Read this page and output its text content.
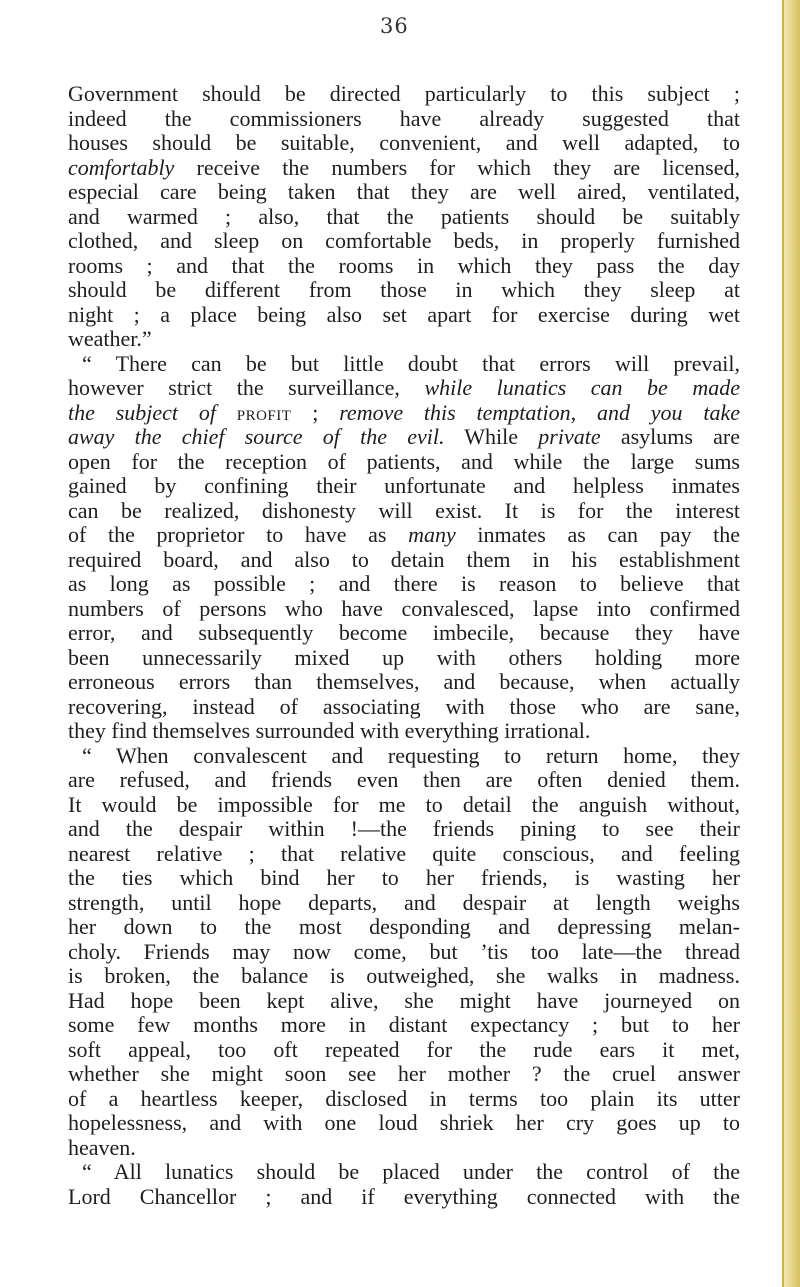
36
Government should be directed particularly to this subject ;
indeed the commissioners have already suggested that
houses should be suitable, convenient, and well adapted, to
comfortably receive the numbers for which they are licensed,
especial care being taken that they are well aired, ventilated,
and warmed ; also, that the patients should be suitably
clothed, and sleep on comfortable beds, in properly furnished
rooms ; and that the rooms in which they pass the day
should be different from those in which they sleep at
night ; a place being also set apart for exercise during wet
weather.”
“ There can be but little doubt that errors will prevail,
however strict the surveillance, while lunatics can be made
the subject of profit ; remove this temptation, and you take
away the chief source of the evil. While private asylums are
open for the reception of patients, and while the large sums
gained by confining their unfortunate and helpless inmates
can be realized, dishonesty will exist. It is for the interest
of the proprietor to have as many inmates as can pay the
required board, and also to detain them in his establishment
as long as possible ; and there is reason to believe that
numbers of persons who have convalesced, lapse into confirmed
error, and subsequently become imbecile, because they have
been unnecessarily mixed up with others holding more
erroneous errors than themselves, and because, when actually
recovering, instead of associating with those who are sane,
they find themselves surrounded with everything irrational.
“ When convalescent and requesting to return home, they
are refused, and friends even then are often denied them.
It would be impossible for me to detail the anguish without,
and the despair within !—the friends pining to see their
nearest relative ; that relative quite conscious, and feeling
the ties which bind her to her friends, is wasting her
strength, until hope departs, and despair at length weighs
her down to the most desponding and depressing melan-
choly. Friends may now come, but ’tis too late—the thread
is broken, the balance is outweighed, she walks in madness.
Had hope been kept alive, she might have journeyed on
some few months more in distant expectancy ; but to her
soft appeal, too oft repeated for the rude ears it met,
whether she might soon see her mother ? the cruel answer
of a heartless keeper, disclosed in terms too plain its utter
hopelessness, and with one loud shriek her cry goes up to
heaven.
“ All lunatics should be placed under the control of the
Lord Chancellor ; and if everything connected with the
